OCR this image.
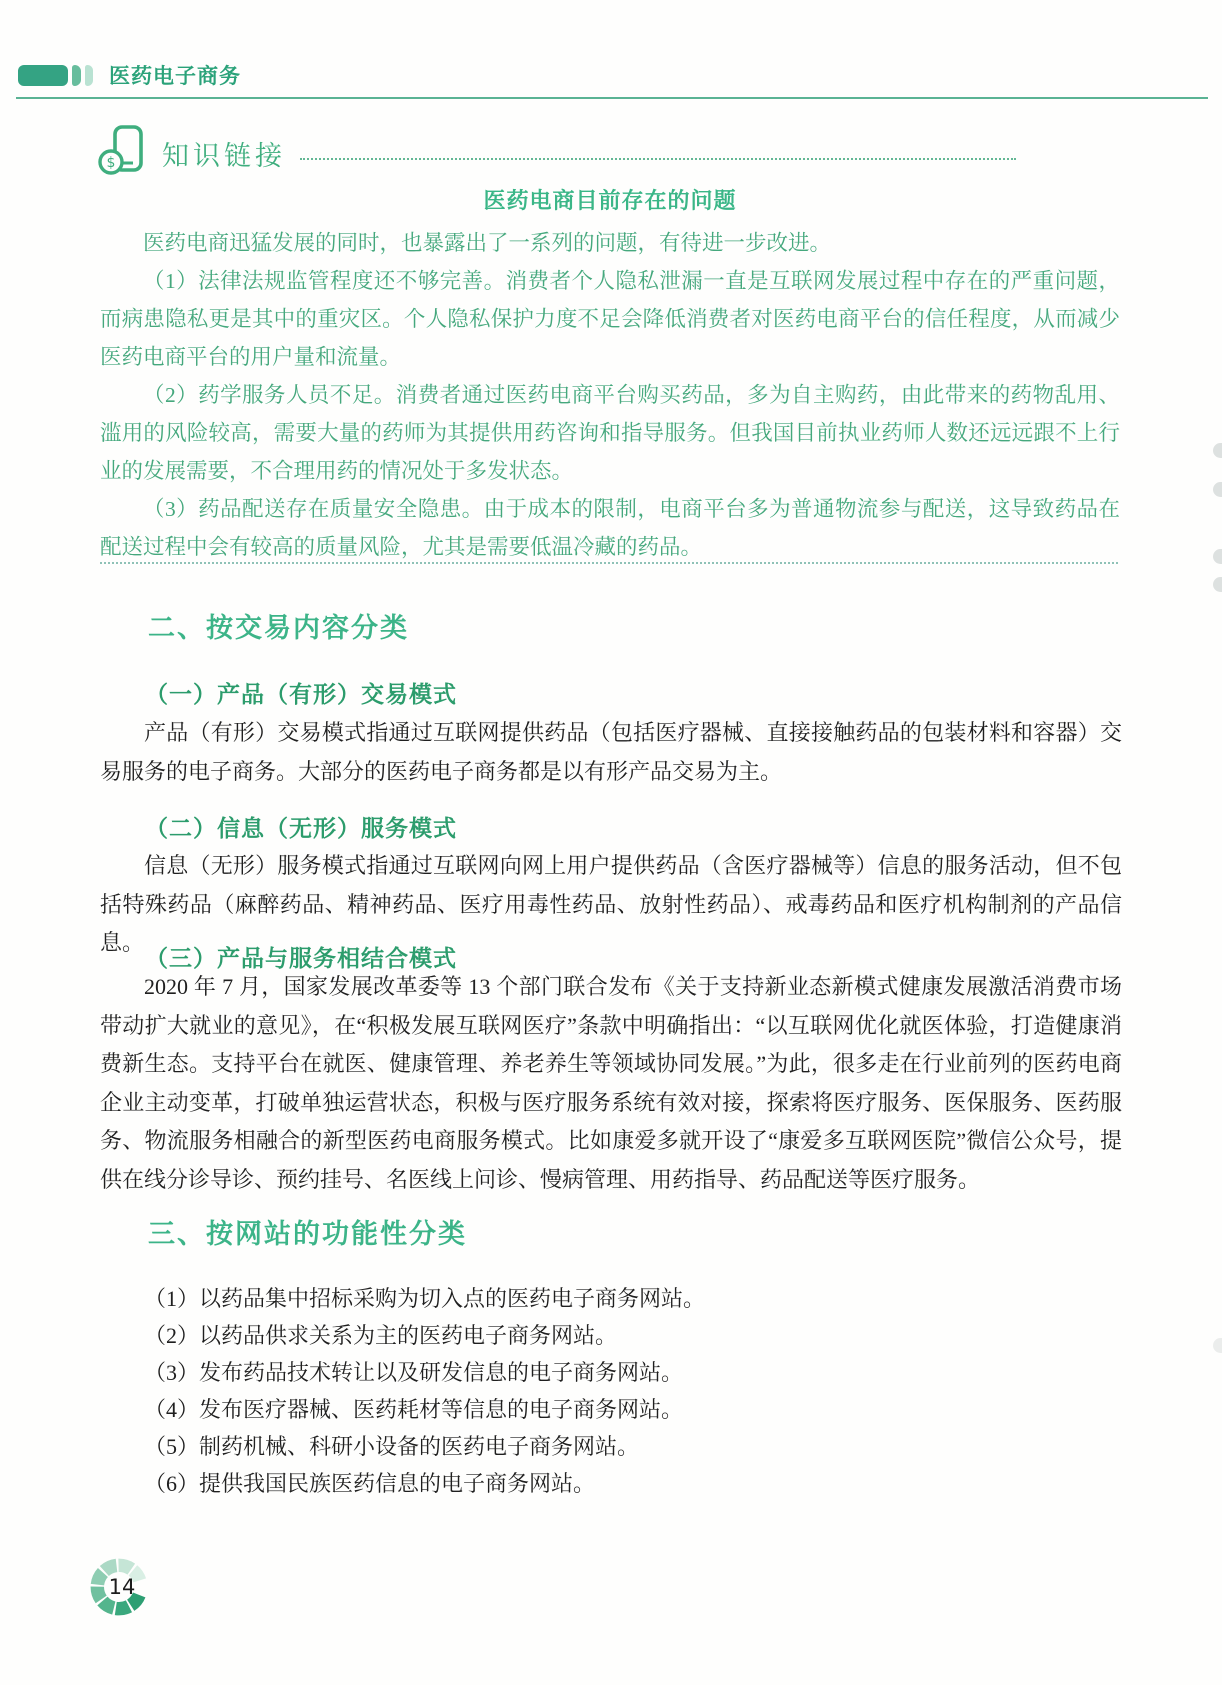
医药电子商务
$ 知识链接
医药电商目前存在的问题

医药电商迅猛发展的同时，也暴露出了一系列的问题，有待进一步改进。

（1）法律法规监管程度还不够完善。消费者个人隐私泄漏一直是互联网发展过程中存在的严重问题，而病患隐私更是其中的重灾区。个人隐私保护力度不足会降低消费者对医药电商平台的信任程度，从而减少医药电商平台的用户量和流量。

（2）药学服务人员不足。消费者通过医药电商平台购买药品，多为自主购药，由此带来的药物乱用、滥用的风险较高，需要大量的药师为其提供用药咨询和指导服务。但我国目前执业药师人数还远远跟不上行业的发展需要，不合理用药的情况处于多发状态。

（3）药品配送存在质量安全隐患。由于成本的限制，电商平台多为普通物流参与配送，这导致药品在配送过程中会有较高的质量风险，尤其是需要低温冷藏的药品。

二、按交易内容分类
（一）产品（有形）交易模式

产品（有形）交易模式指通过互联网提供药品（包括医疗器械、直接接触药品的包装材料和容器）交易服务的电子商务。大部分的医药电子商务都是以有形产品交易为主。

（二）信息（无形）服务模式

信息（无形）服务模式指通过互联网向网上用户提供药品（含医疗器械等）信息的服务活动，但不包括特殊药品（麻醉药品、精神药品、医疗用毒性药品、放射性药品）、戒毒药品和医疗机构制剂的产品信息。

（三）产品与服务相结合模式

2020 年 7 月，国家发展改革委等 13 个部门联合发布《关于支持新业态新模式健康发展激活消费市场带动扩大就业的意见》，在“积极发展互联网医疗”条款中明确指出：“以互联网优化就医体验，打造健康消费新生态。支持平台在就医、健康管理、养老养生等领域协同发展。”为此，很多走在行业前列的医药电商企业主动变革，打破单独运营状态，积极与医疗服务系统有效对接，探索将医疗服务、医保服务、医药服务、物流服务相融合的新型医药电商服务模式。比如康爱多就开设了“康爱多互联网医院”微信公众号，提供在线分诊导诊、预约挂号、名医线上问诊、慢病管理、用药指导、药品配送等医疗服务。

三、按网站的功能性分类

（1）以药品集中招标采购为切入点的医药电子商务网站。

（2）以药品供求关系为主的医药电子商务网站。

（3）发布药品技术转让以及研发信息的电子商务网站。

（4）发布医疗器械、医药耗材等信息的电子商务网站。

（5）制药机械、科研小设备的医药电子商务网站。

（6）提供我国民族医药信息的电子商务网站。

14
